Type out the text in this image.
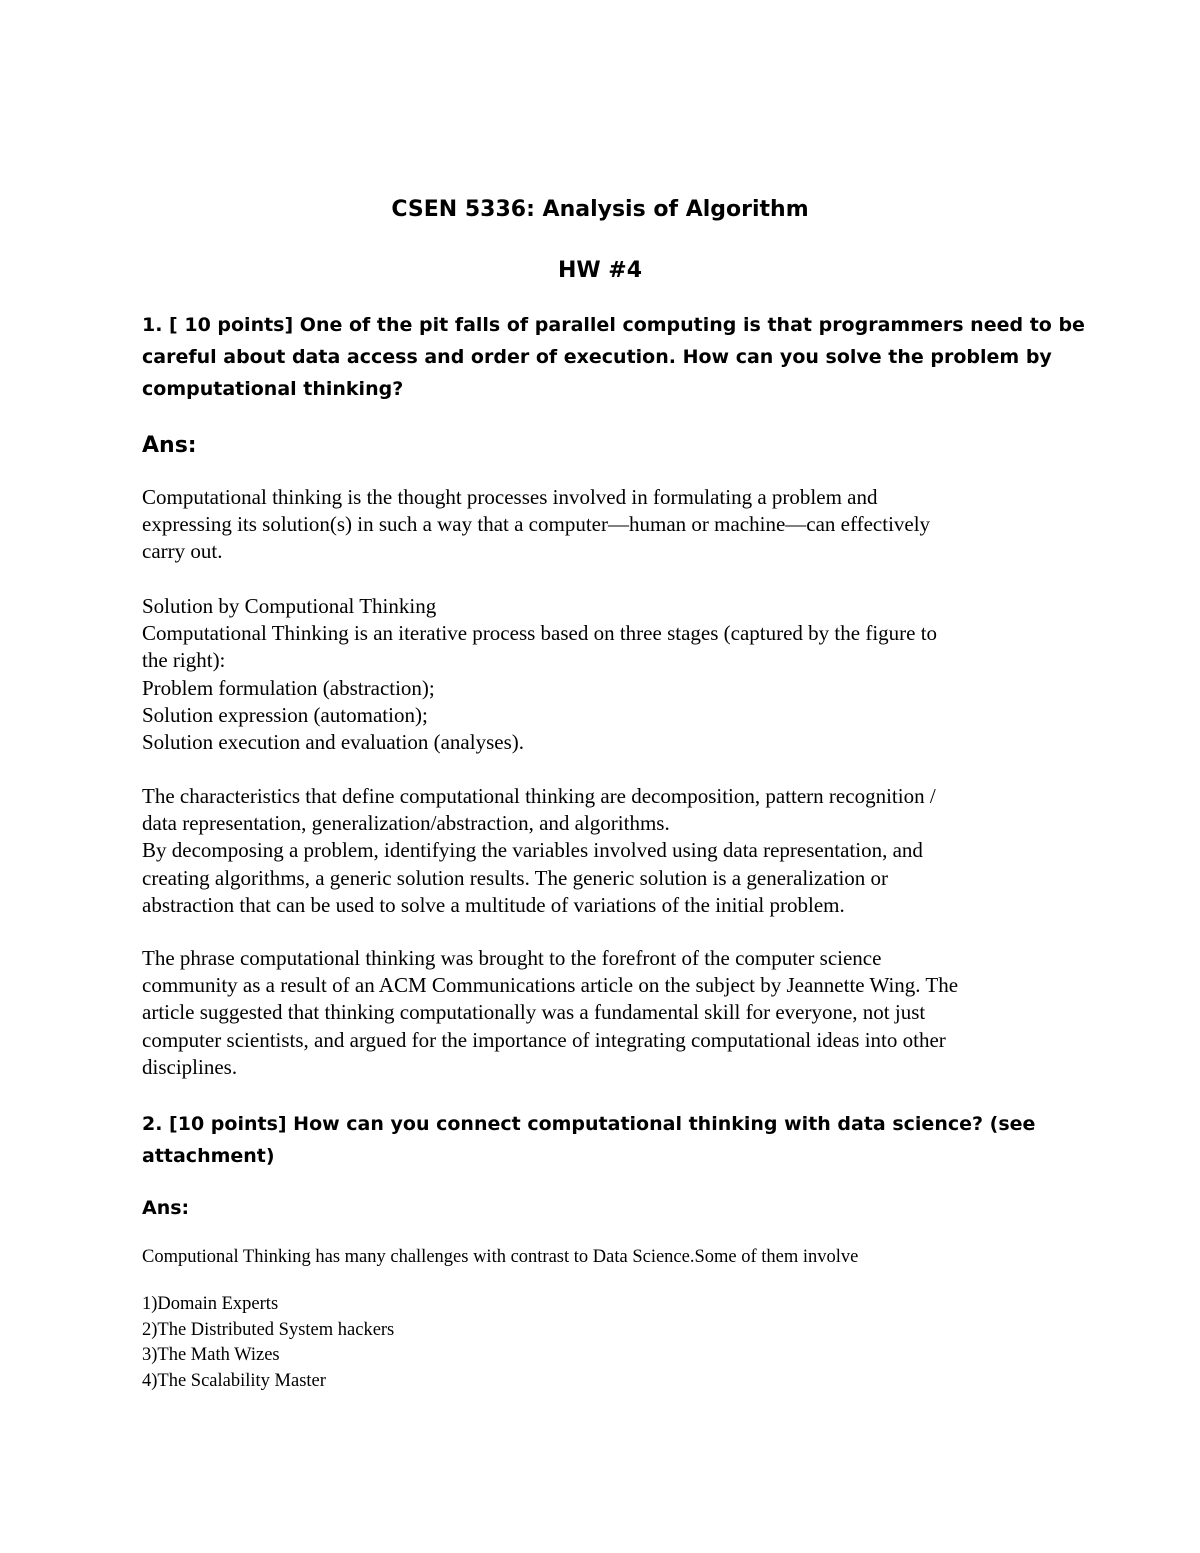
CSEN 5336: Analysis of Algorithm
HW #4
1. [ 10 points] One of the pit falls of parallel computing is that programmers need to be
careful about data access and order of execution. How can you solve the problem by
computational thinking?
Ans:
Computational thinking is the thought processes involved in formulating a problem and
expressing its solution(s) in such a way that a computer—human or machine—can effectively
carry out.
Solution by Computional Thinking
Computational Thinking is an iterative process based on three stages (captured by the figure to
the right):
Problem formulation (abstraction);
Solution expression (automation);
Solution execution and evaluation (analyses).
The characteristics that define computational thinking are decomposition, pattern recognition /
data representation, generalization/abstraction, and algorithms.
By decomposing a problem, identifying the variables involved using data representation, and
creating algorithms, a generic solution results. The generic solution is a generalization or
abstraction that can be used to solve a multitude of variations of the initial problem.
The phrase computational thinking was brought to the forefront of the computer science
community as a result of an ACM Communications article on the subject by Jeannette Wing. The
article suggested that thinking computationally was a fundamental skill for everyone, not just
computer scientists, and argued for the importance of integrating computational ideas into other
disciplines.
2. [10 points] How can you connect computational thinking with data science? (see
attachment)
Ans:
Computional Thinking has many challenges with contrast to Data Science.Some of them involve
1)Domain Experts
2)The Distributed System hackers
3)The Math Wizes
4)The Scalability Master
